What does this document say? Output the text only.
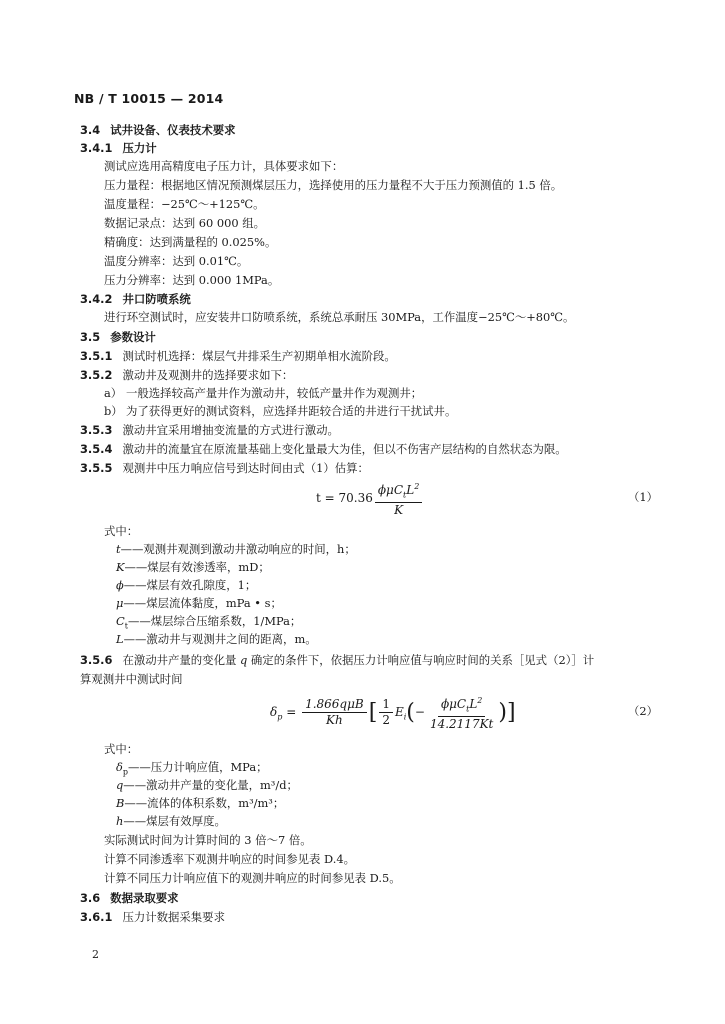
NB / T 10015 — 2014
3.4 试井设备、仪表技术要求
3.4.1 压力计
测试应选用高精度电子压力计，具体要求如下：
压力量程：根据地区情况预测煤层压力，选择使用的压力量程不大于压力预测值的 1.5 倍。
温度量程：−25℃～+125℃。
数据记录点：达到 60 000 组。
精确度：达到满量程的 0.025%。
温度分辨率：达到 0.01℃。
压力分辨率：达到 0.000 1MPa。
3.4.2 井口防喷系统
进行环空测试时，应安装井口防喷系统，系统总承耐压 30MPa，工作温度−25℃～+80℃。
3.5 参数设计
3.5.1 测试时机选择：煤层气井排采生产初期单相水流阶段。
3.5.2 激动井及观测井的选择要求如下：
a） 一般选择较高产量井作为激动井，较低产量井作为观测井；
b） 为了获得更好的测试资料，应选择井距较合适的井进行干扰试井。
3.5.3 激动井宜采用增抽变流量的方式进行激动。
3.5.4 激动井的流量宜在原流量基础上变化量最大为佳，但以不伤害产层结构的自然状态为限。
3.5.5 观测井中压力响应信号到达时间由式（1）估算：
$t = 70.36 \frac{\phi\mu C_tL^2}{K}$	（1）
式中：
t——观测井观测到激动井激动响应的时间，h；
K——煤层有效渗透率，mD；
ϕ——煤层有效孔隙度，1；
μ——煤层流体黏度，mPa • s；
$C_t——$煤层综合压缩系数，1/MPa；
L——激动井与观测井之间的距离，m。
3.5.6 在激动井产量的变化量 q 确定的条件下，依据压力计响应值与响应时间的关系［见式（2）］计
算观测井中测试时间
$\delta_p = \frac{\text{1.866qμB}}{Kh}$ [ $\frac{1}{2} E_i(- \frac{\phi\mu C_tL^2}{14.2117Kt}$ )]	（2）
式中：
$\delta_p——$压力计响应值，MPa；
q——激动井产量的变化量，m³/d；
B——流体的体积系数，m³/m³；
h——煤层有效厚度。
实际测试时间为计算时间的 3 倍～7 倍。
计算不同渗透率下观测井响应的时间参见表 D.4。
计算不同压力计响应值下的观测井响应的时间参见表 D.5。
3.6 数据录取要求
3.6.1 压力计数据采集要求
2
